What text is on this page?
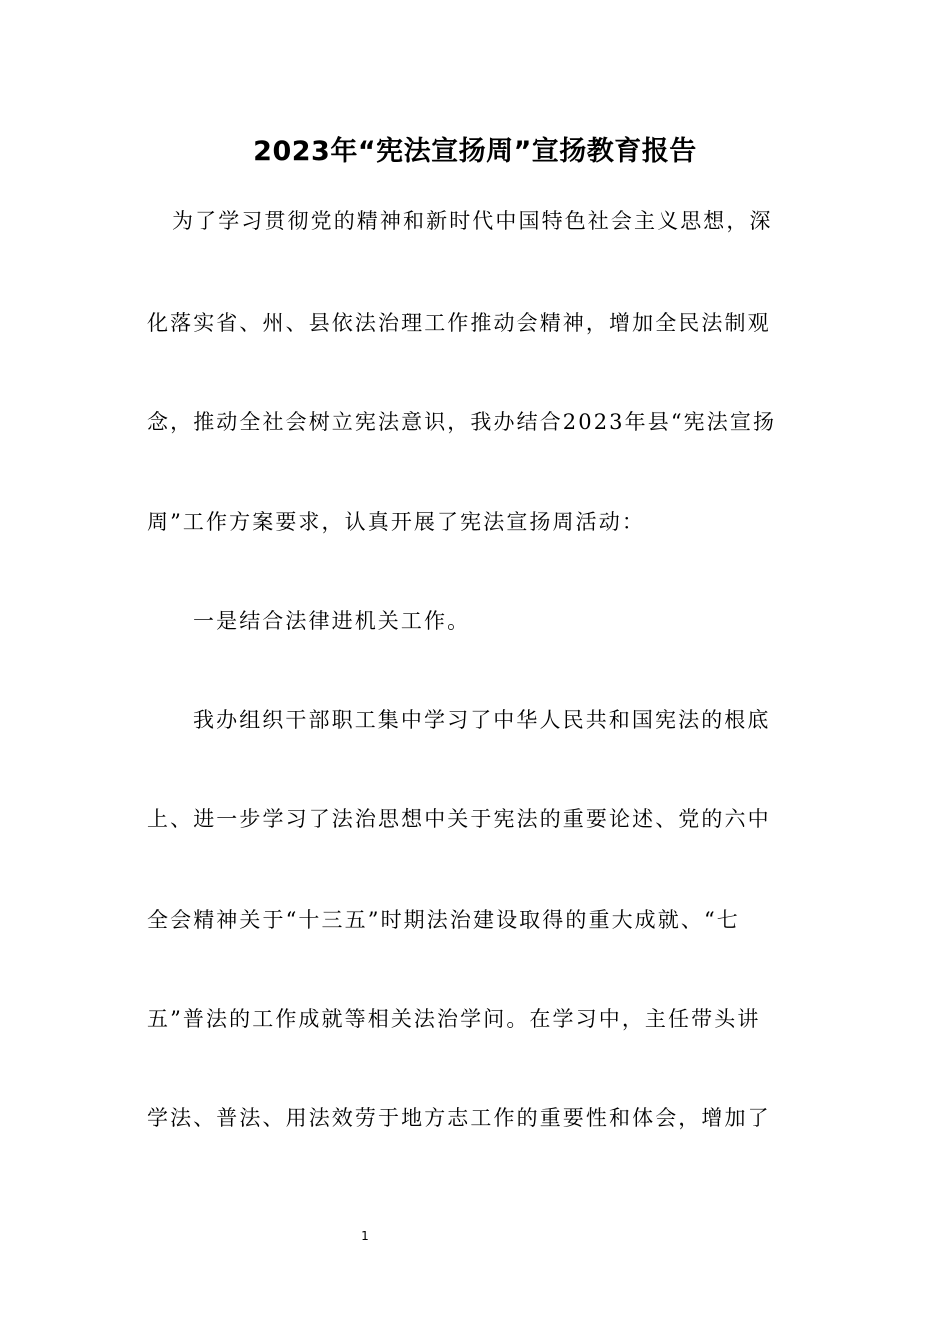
2023年“宪法宣扬周”宣扬教育报告

为了学习贯彻党的精神和新时代中国特色社会主义思想，深

化落实省、州、县依法治理工作推动会精神，增加全民法制观

念，推动全社会树立宪法意识，我办结合2023年县“宪法宣扬

周”工作方案要求，认真开展了宪法宣扬周活动：

一是结合法律进机关工作。

我办组织干部职工集中学习了中华人民共和国宪法的根底

上、进一步学习了法治思想中关于宪法的重要论述、党的六中

全会精神关于“十三五”时期法治建设取得的重大成就、“七

五”普法的工作成就等相关法治学问。在学习中，主任带头讲

学法、普法、用法效劳于地方志工作的重要性和体会，增加了

1
